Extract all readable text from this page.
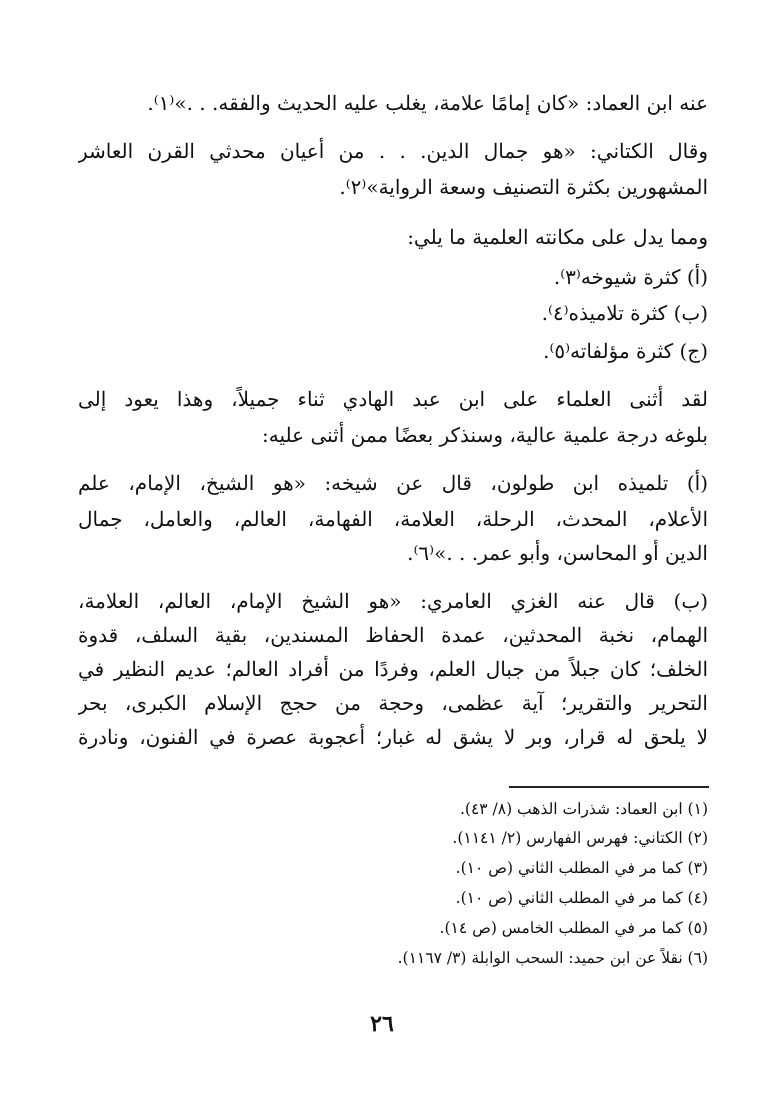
عنه ابن العماد: «كان إمامًا علامة، يغلب عليه الحديث والفقه. . .»⁽١⁾.
وقال الكتاني: «هو جمال الدين. . . من أعيان محدثي القرن العاشر
المشهورين بكثرة التصنيف وسعة الرواية»⁽٢⁾.
ومما يدل على مكانته العلمية ما يلي:
(أ) كثرة شيوخه⁽٣⁾.
(ب) كثرة تلاميذه⁽٤⁾.
(ج) كثرة مؤلفاته⁽٥⁾.
لقد أثنى العلماء على ابن عبد الهادي ثناء جميلاً، وهذا يعود إلى
بلوغه درجة علمية عالية، وسنذكر بعضًا ممن أثنى عليه:
(أ) تلميذه ابن طولون، قال عن شيخه: «هو الشيخ، الإمام، علم
الأعلام، المحدث، الرحلة، العلامة، الفهامة، العالم، والعامل، جمال
الدين أو المحاسن، وأبو عمر. . .»⁽٦⁾.
(ب) قال عنه الغزي العامري: «هو الشيخ الإمام، العالم، العلامة،
الهمام، نخبة المحدثين، عمدة الحفاظ المسندين، بقية السلف، قدوة
الخلف؛ كان جبلاً من جبال العلم، وفردًا من أفراد العالم؛ عديم النظير في
التحرير والتقرير؛ آية عظمى، وحجة من حجج الإسلام الكبرى، بحر
لا يلحق له قرار، وبر لا يشق له غبار؛ أعجوبة عصرة في الفنون، ونادرة
(١) ابن العماد: شذرات الذهب (٨/ ٤٣).
(٢) الكتاني: فهرس الفهارس (٢/ ١١٤١).
(٣) كما مر في المطلب الثاني (ص ١٠).
(٤) كما مر في المطلب الثاني (ص ١٠).
(٥) كما مر في المطلب الخامس (ص ١٤).
(٦) نقلاً عن ابن حميد: السحب الوابلة (٣/ ١١٦٧).
٢٦
